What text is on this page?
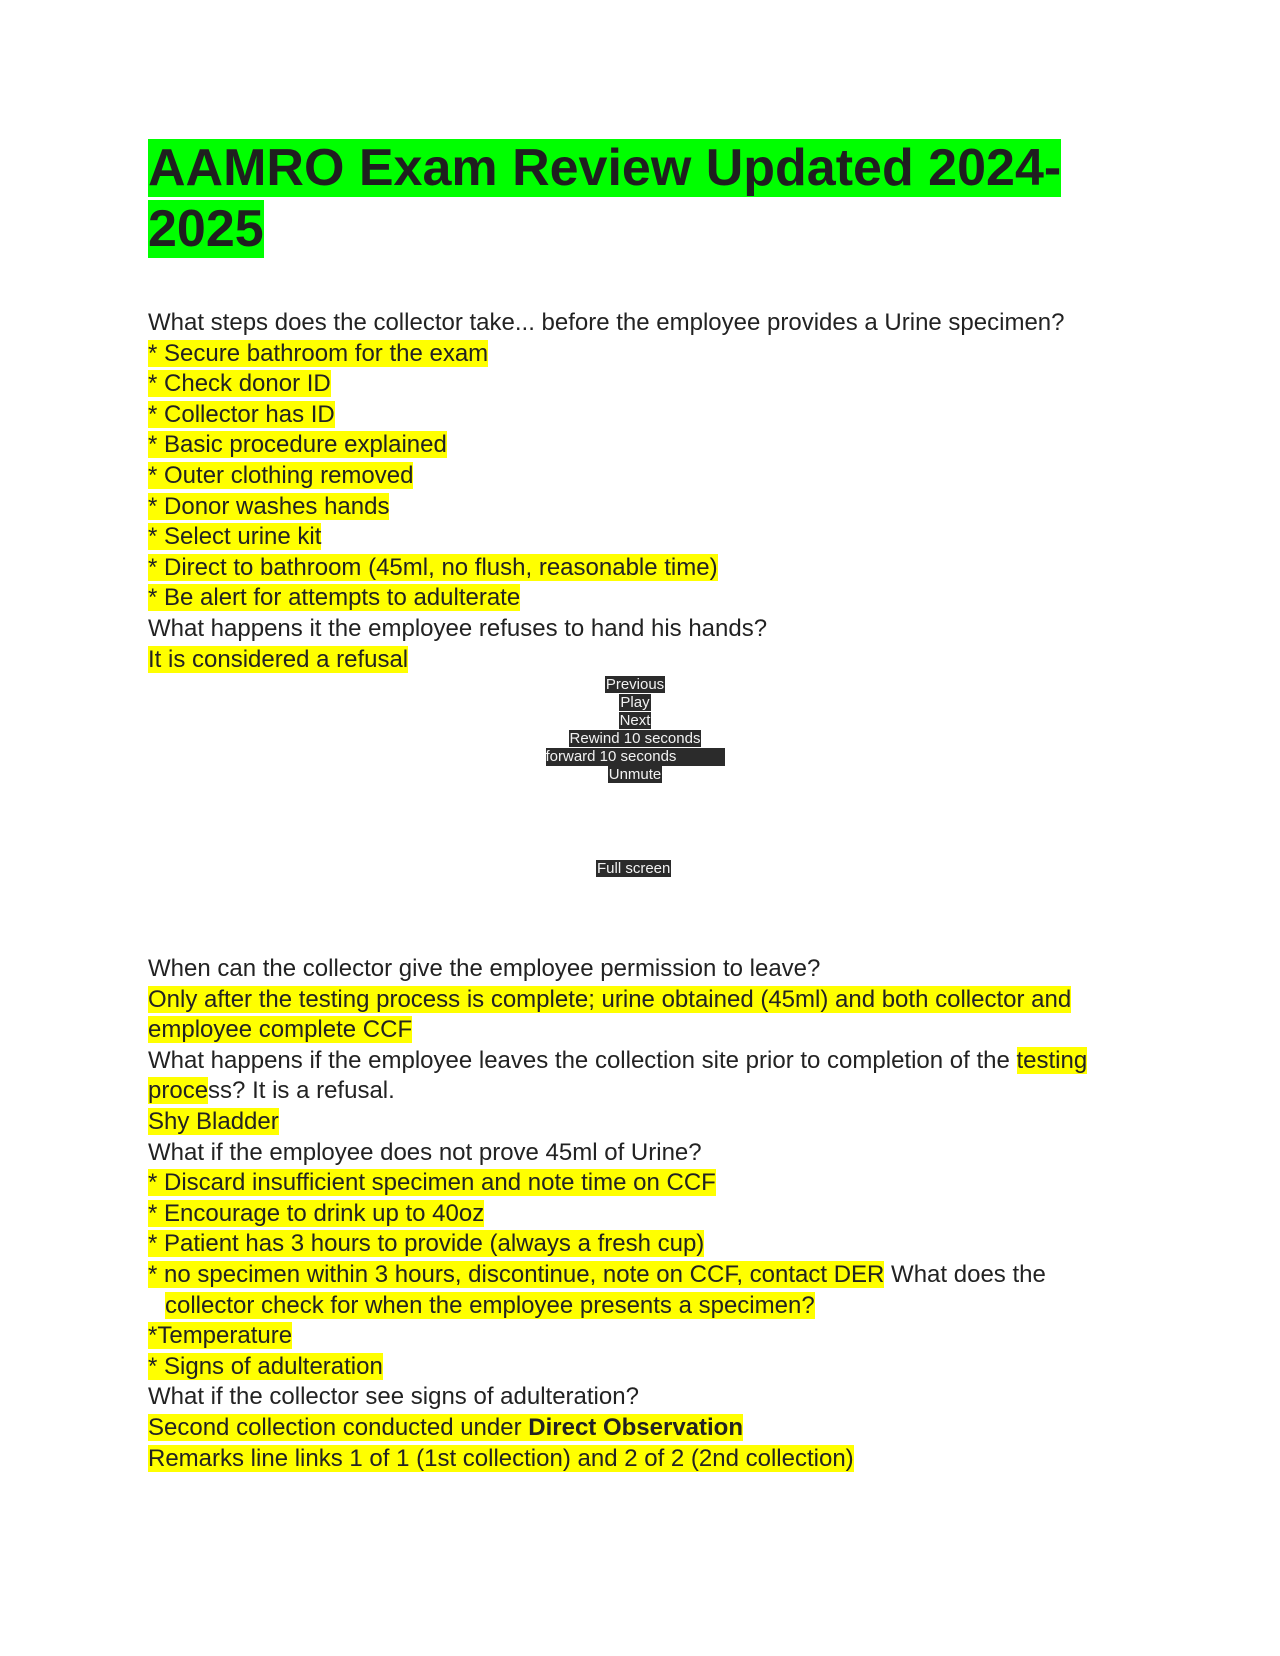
AAMRO Exam Review Updated 2024-2025
What steps does the collector take... before the employee provides a Urine specimen?
* Secure bathroom for the exam
* Check donor ID
* Collector has ID
* Basic procedure explained
* Outer clothing removed
* Donor washes hands
* Select urine kit
* Direct to bathroom (45ml, no flush, reasonable time)
* Be alert for attempts to adulterate
What happens it the employee refuses to hand his hands?
It is considered a refusal
Previous
Play
Next
Rewind 10 seconds
forward 10 seconds
Unmute
Full screen
When can the collector give the employee permission to leave?
Only after the testing process is complete; urine obtained (45ml) and both collector and employee complete CCF
What happens if the employee leaves the collection site prior to completion of the testing process? It is a refusal.
Shy Bladder
What if the employee does not prove 45ml of Urine?
* Discard insufficient specimen and note time on CCF
* Encourage to drink up to 40oz
* Patient has 3 hours to provide (always a fresh cup)
* no specimen within 3 hours, discontinue, note on CCF, contact DER What does the
collector check for when the employee presents a specimen?
*Temperature
* Signs of adulteration
What if the collector see signs of adulteration?
Second collection conducted under Direct Observation
Remarks line links 1 of 1 (1st collection) and 2 of 2 (2nd collection)
